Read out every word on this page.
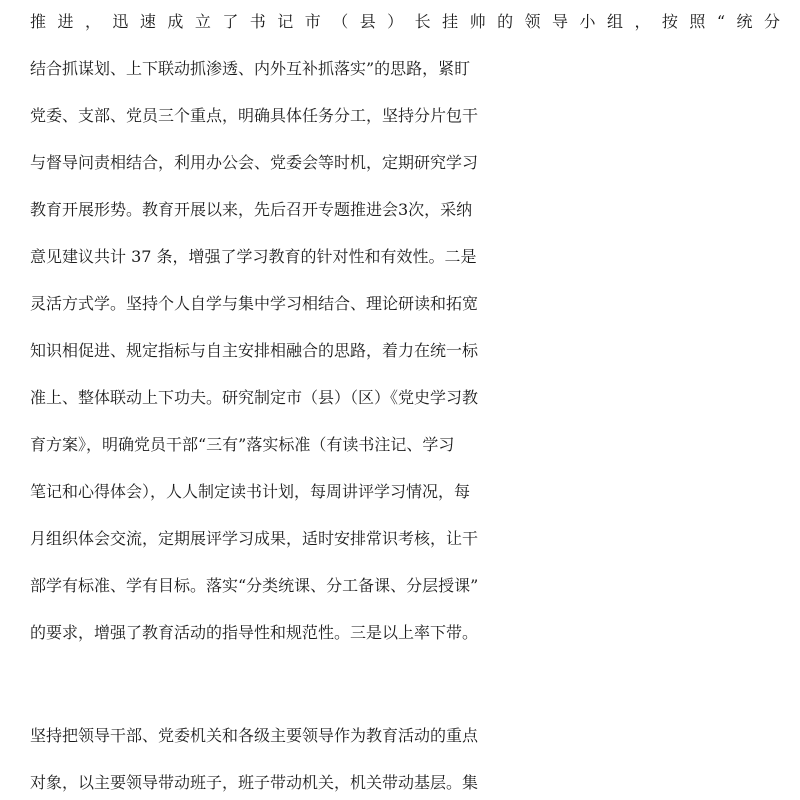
推进，迅速成立了书记市（县）长挂帅的领导小组，按照“统分
结合抓谋划、上下联动抓渗透、内外互补抓落实”的思路，紧盯
党委、支部、党员三个重点，明确具体任务分工，坚持分片包干
与督导问责相结合，利用办公会、党委会等时机，定期研究学习
教育开展形势。教育开展以来，先后召开专题推进会3次，采纳
意见建议共计 37 条，增强了学习教育的针对性和有效性。二是
灵活方式学。坚持个人自学与集中学习相结合、理论研读和拓宽
知识相促进、规定指标与自主安排相融合的思路，着力在统一标
准上、整体联动上下功夫。研究制定市（县）（区）《党史学习教
育方案》，明确党员干部“三有”落实标准（有读书注记、学习
笔记和心得体会），人人制定读书计划，每周讲评学习情况，每
月组织体会交流，定期展评学习成果，适时安排常识考核，让干
部学有标准、学有目标。落实“分类统课、分工备课、分层授课”
的要求，增强了教育活动的指导性和规范性。三是以上率下带。
坚持把领导干部、党委机关和各级主要领导作为教育活动的重点
对象，以主要领导带动班子，班子带动机关，机关带动基层。集
